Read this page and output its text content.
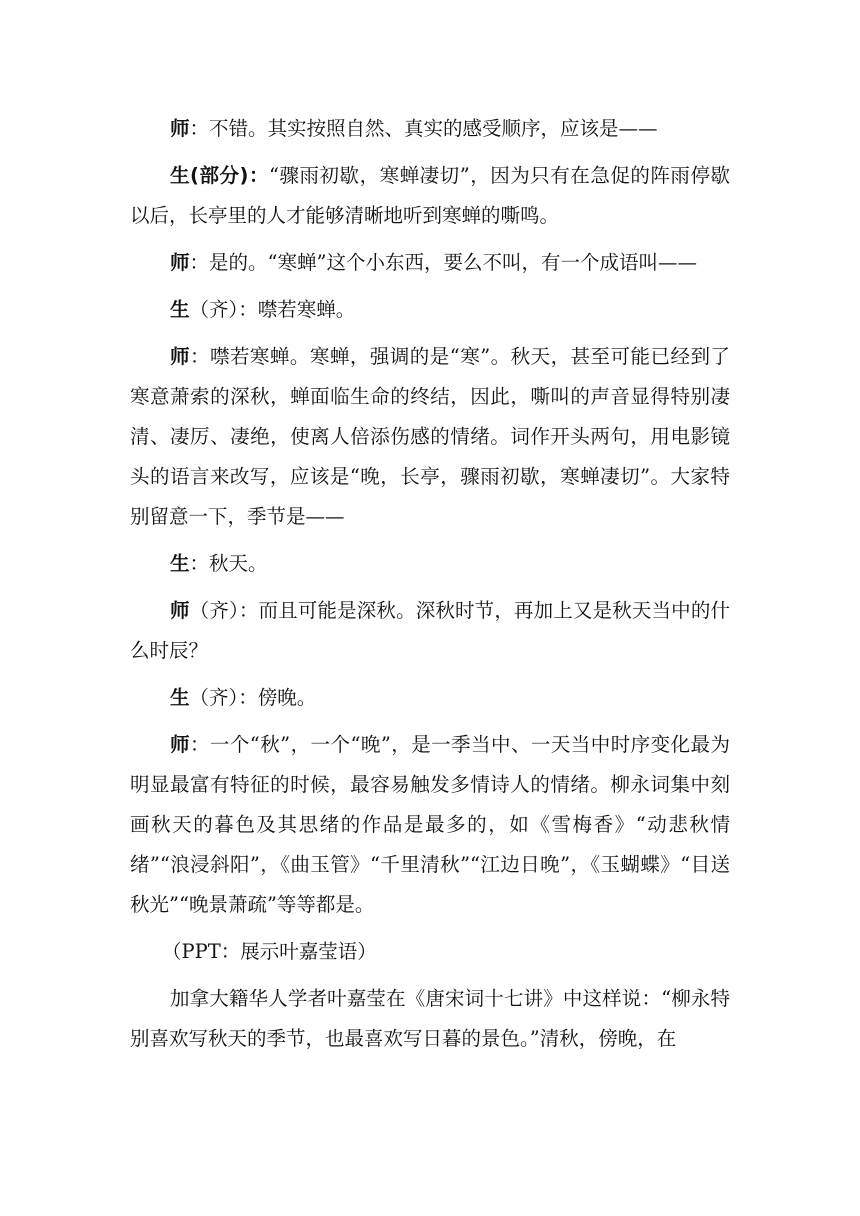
师：不错。其实按照自然、真实的感受顺序，应该是——

生(部分)：“骤雨初歇，寒蝉凄切”，因为只有在急促的阵雨停歇以后，长亭里的人才能够清晰地听到寒蝉的嘶鸣。

师：是的。“寒蝉”这个小东西，要么不叫，有一个成语叫——

生（齐）：噤若寒蝉。

师：噤若寒蝉。寒蝉，强调的是“寒”。秋天，甚至可能已经到了寒意萧索的深秋，蝉面临生命的终结，因此，嘶叫的声音显得特别凄清、凄厉、凄绝，使离人倍添伤感的情绪。词作开头两句，用电影镜头的语言来改写，应该是“晚，长亭，骤雨初歇，寒蝉凄切”。大家特别留意一下，季节是——

生：秋天。

师（齐）：而且可能是深秋。深秋时节，再加上又是秋天当中的什么时辰？

生（齐）：傍晚。

师：一个“秋”，一个“晚”，是一季当中、一天当中时序变化最为明显最富有特征的时候，最容易触发多情诗人的情绪。柳永词集中刻画秋天的暮色及其思绪的作品是最多的，如《雪梅香》“动悲秋情绪”“浪浸斜阳”，《曲玉管》“千里清秋”“江边日晚”，《玉蝴蝶》“目送秋光”“晚景萧疏”等等都是。

（PPT：展示叶嘉莹语）

加拿大籍华人学者叶嘉莹在《唐宋词十七讲》中这样说：“柳永特别喜欢写秋天的季节，也最喜欢写日暮的景色。”清秋，傍晚，在
